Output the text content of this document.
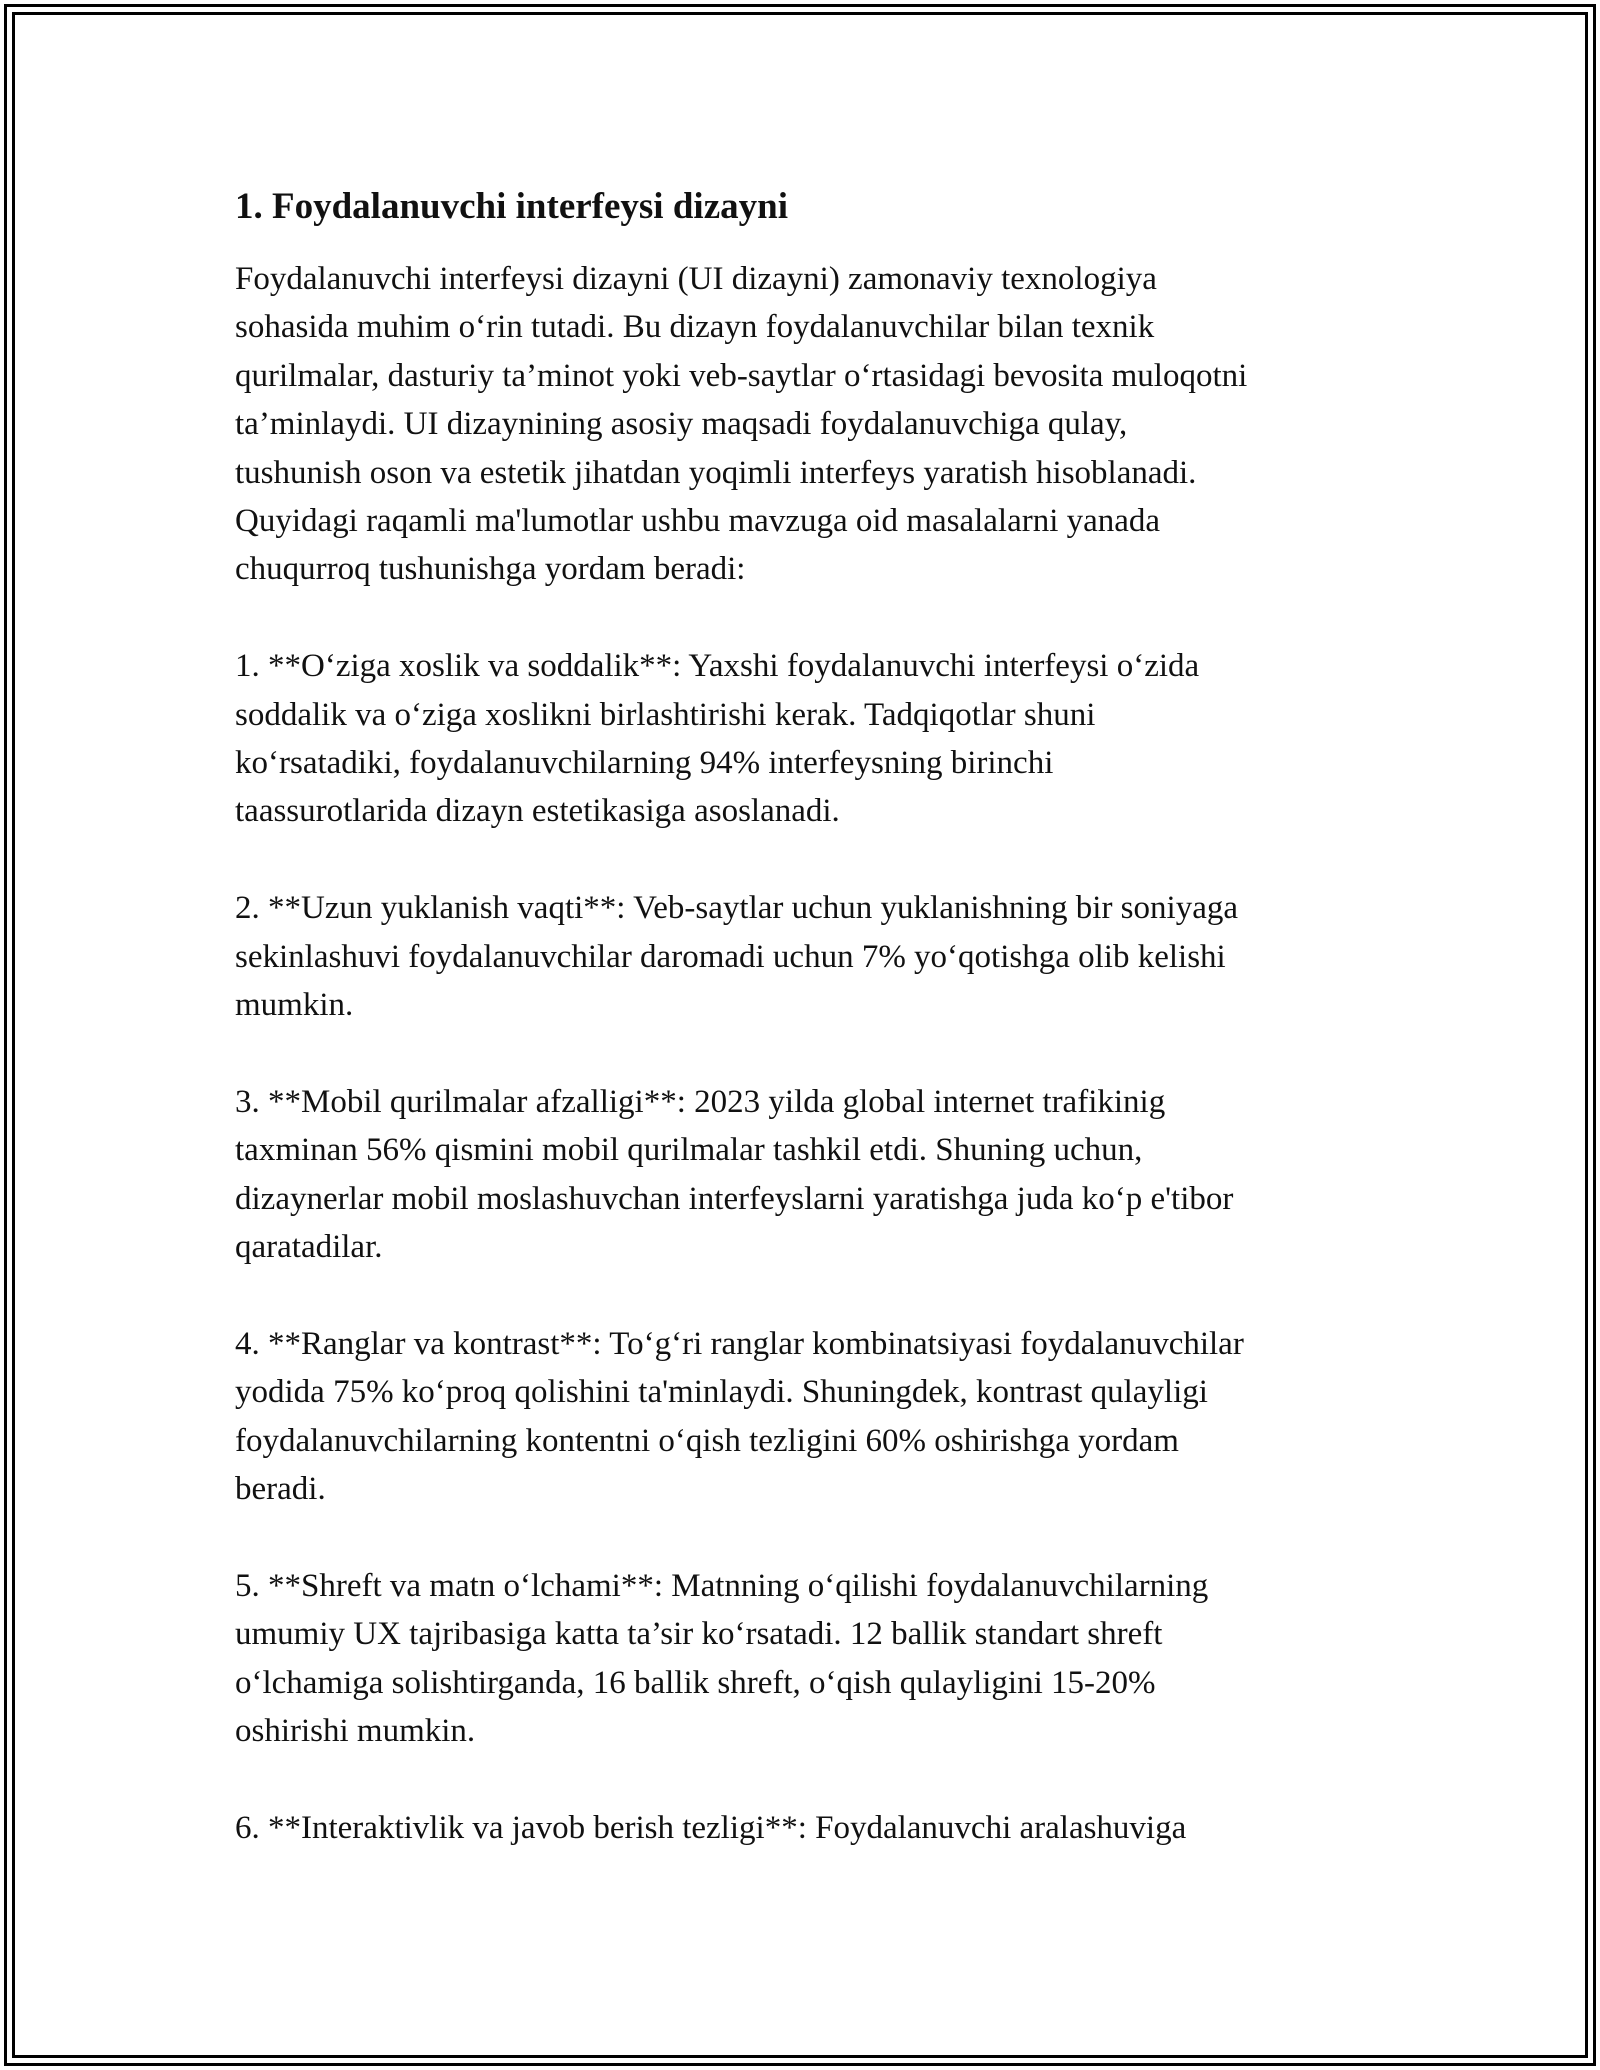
1. Foydalanuvchi interfeysi dizayni

Foydalanuvchi interfeysi dizayni (UI dizayni) zamonaviy texnologiya
sohasida muhim o‘rin tutadi. Bu dizayn foydalanuvchilar bilan texnik
qurilmalar, dasturiy ta’minot yoki veb-saytlar o‘rtasidagi bevosita muloqotni
ta’minlaydi. UI dizaynining asosiy maqsadi foydalanuvchiga qulay,
tushunish oson va estetik jihatdan yoqimli interfeys yaratish hisoblanadi.
Quyidagi raqamli ma'lumotlar ushbu mavzuga oid masalalarni yanada
chuqurroq tushunishga yordam beradi:

1. **O‘ziga xoslik va soddalik**: Yaxshi foydalanuvchi interfeysi o‘zida
soddalik va o‘ziga xoslikni birlashtirishi kerak. Tadqiqotlar shuni
ko‘rsatadiki, foydalanuvchilarning 94% interfeysning birinchi
taassurotlarida dizayn estetikasiga asoslanadi.

2. **Uzun yuklanish vaqti**: Veb-saytlar uchun yuklanishning bir soniyaga
sekinlashuvi foydalanuvchilar daromadi uchun 7% yo‘qotishga olib kelishi
mumkin.

3. **Mobil qurilmalar afzalligi**: 2023 yilda global internet trafikinig
taxminan 56% qismini mobil qurilmalar tashkil etdi. Shuning uchun,
dizaynerlar mobil moslashuvchan interfeyslarni yaratishga juda ko‘p e'tibor
qaratadilar.

4. **Ranglar va kontrast**: To‘g‘ri ranglar kombinatsiyasi foydalanuvchilar
yodida 75% ko‘proq qolishini ta'minlaydi. Shuningdek, kontrast qulayligi
foydalanuvchilarning kontentni o‘qish tezligini 60% oshirishga yordam
beradi.

5. **Shreft va matn o‘lchami**: Matnning o‘qilishi foydalanuvchilarning
umumiy UX tajribasiga katta ta’sir ko‘rsatadi. 12 ballik standart shreft
o‘lchamiga solishtirganda, 16 ballik shreft, o‘qish qulayligini 15-20%
oshirishi mumkin.

6. **Interaktivlik va javob berish tezligi**: Foydalanuvchi aralashuviga
